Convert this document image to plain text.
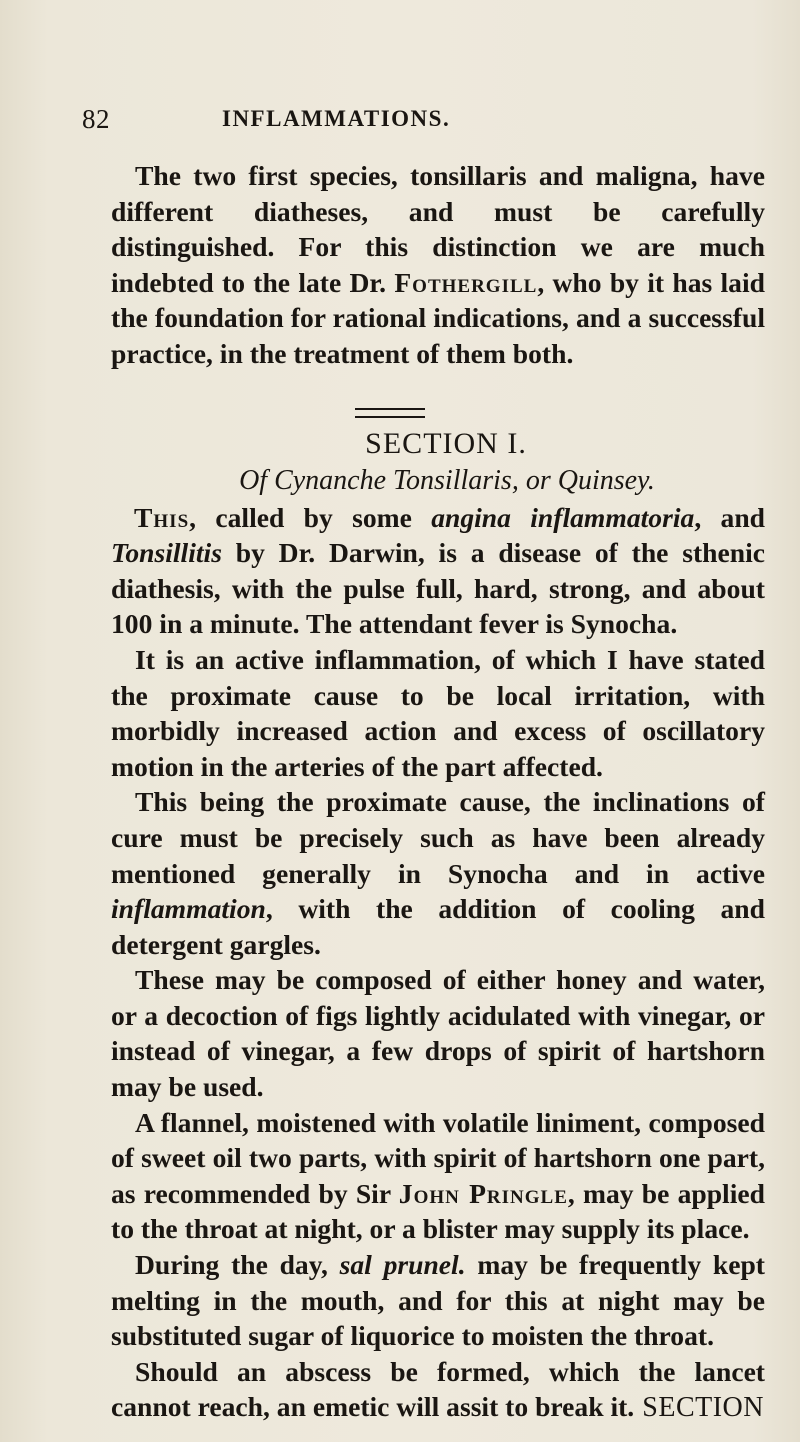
82	INFLAMMATIONS.

The two first species, tonsillaris and maligna, have different diatheses, and must be carefully distinguished. For this distinction we are much indebted to the late Dr. Fothergill, who by it has laid the foundation for rational indications, and a successful practice, in the treatment of them both.

SECTION I.
Of Cynanche Tonsillaris, or Quinsey.

This, called by some angina inflammatoria, and Tonsillitis by Dr. Darwin, is a disease of the sthenic diathesis, with the pulse full, hard, strong, and about 100 in a minute. The attendant fever is Synocha.

It is an active inflammation, of which I have stated the proximate cause to be local irritation, with morbidly increased action and excess of oscillatory motion in the arteries of the part affected.

This being the proximate cause, the inclinations of cure must be precisely such as have been already mentioned generally in Synocha and in active inflammation, with the addition of cooling and detergent gargles.

These may be composed of either honey and water, or a decoction of figs lightly acidulated with vinegar, or instead of vinegar, a few drops of spirit of hartshorn may be used.

A flannel, moistened with volatile liniment, composed of sweet oil two parts, with spirit of hartshorn one part, as recommended by Sir John Pringle, may be applied to the throat at night, or a blister may supply its place.

During the day, sal prunel. may be frequently kept melting in the mouth, and for this at night may be substituted sugar of liquorice to moisten the throat.

Should an abscess be formed, which the lancet cannot reach, an emetic will assit to break it. SECTION
